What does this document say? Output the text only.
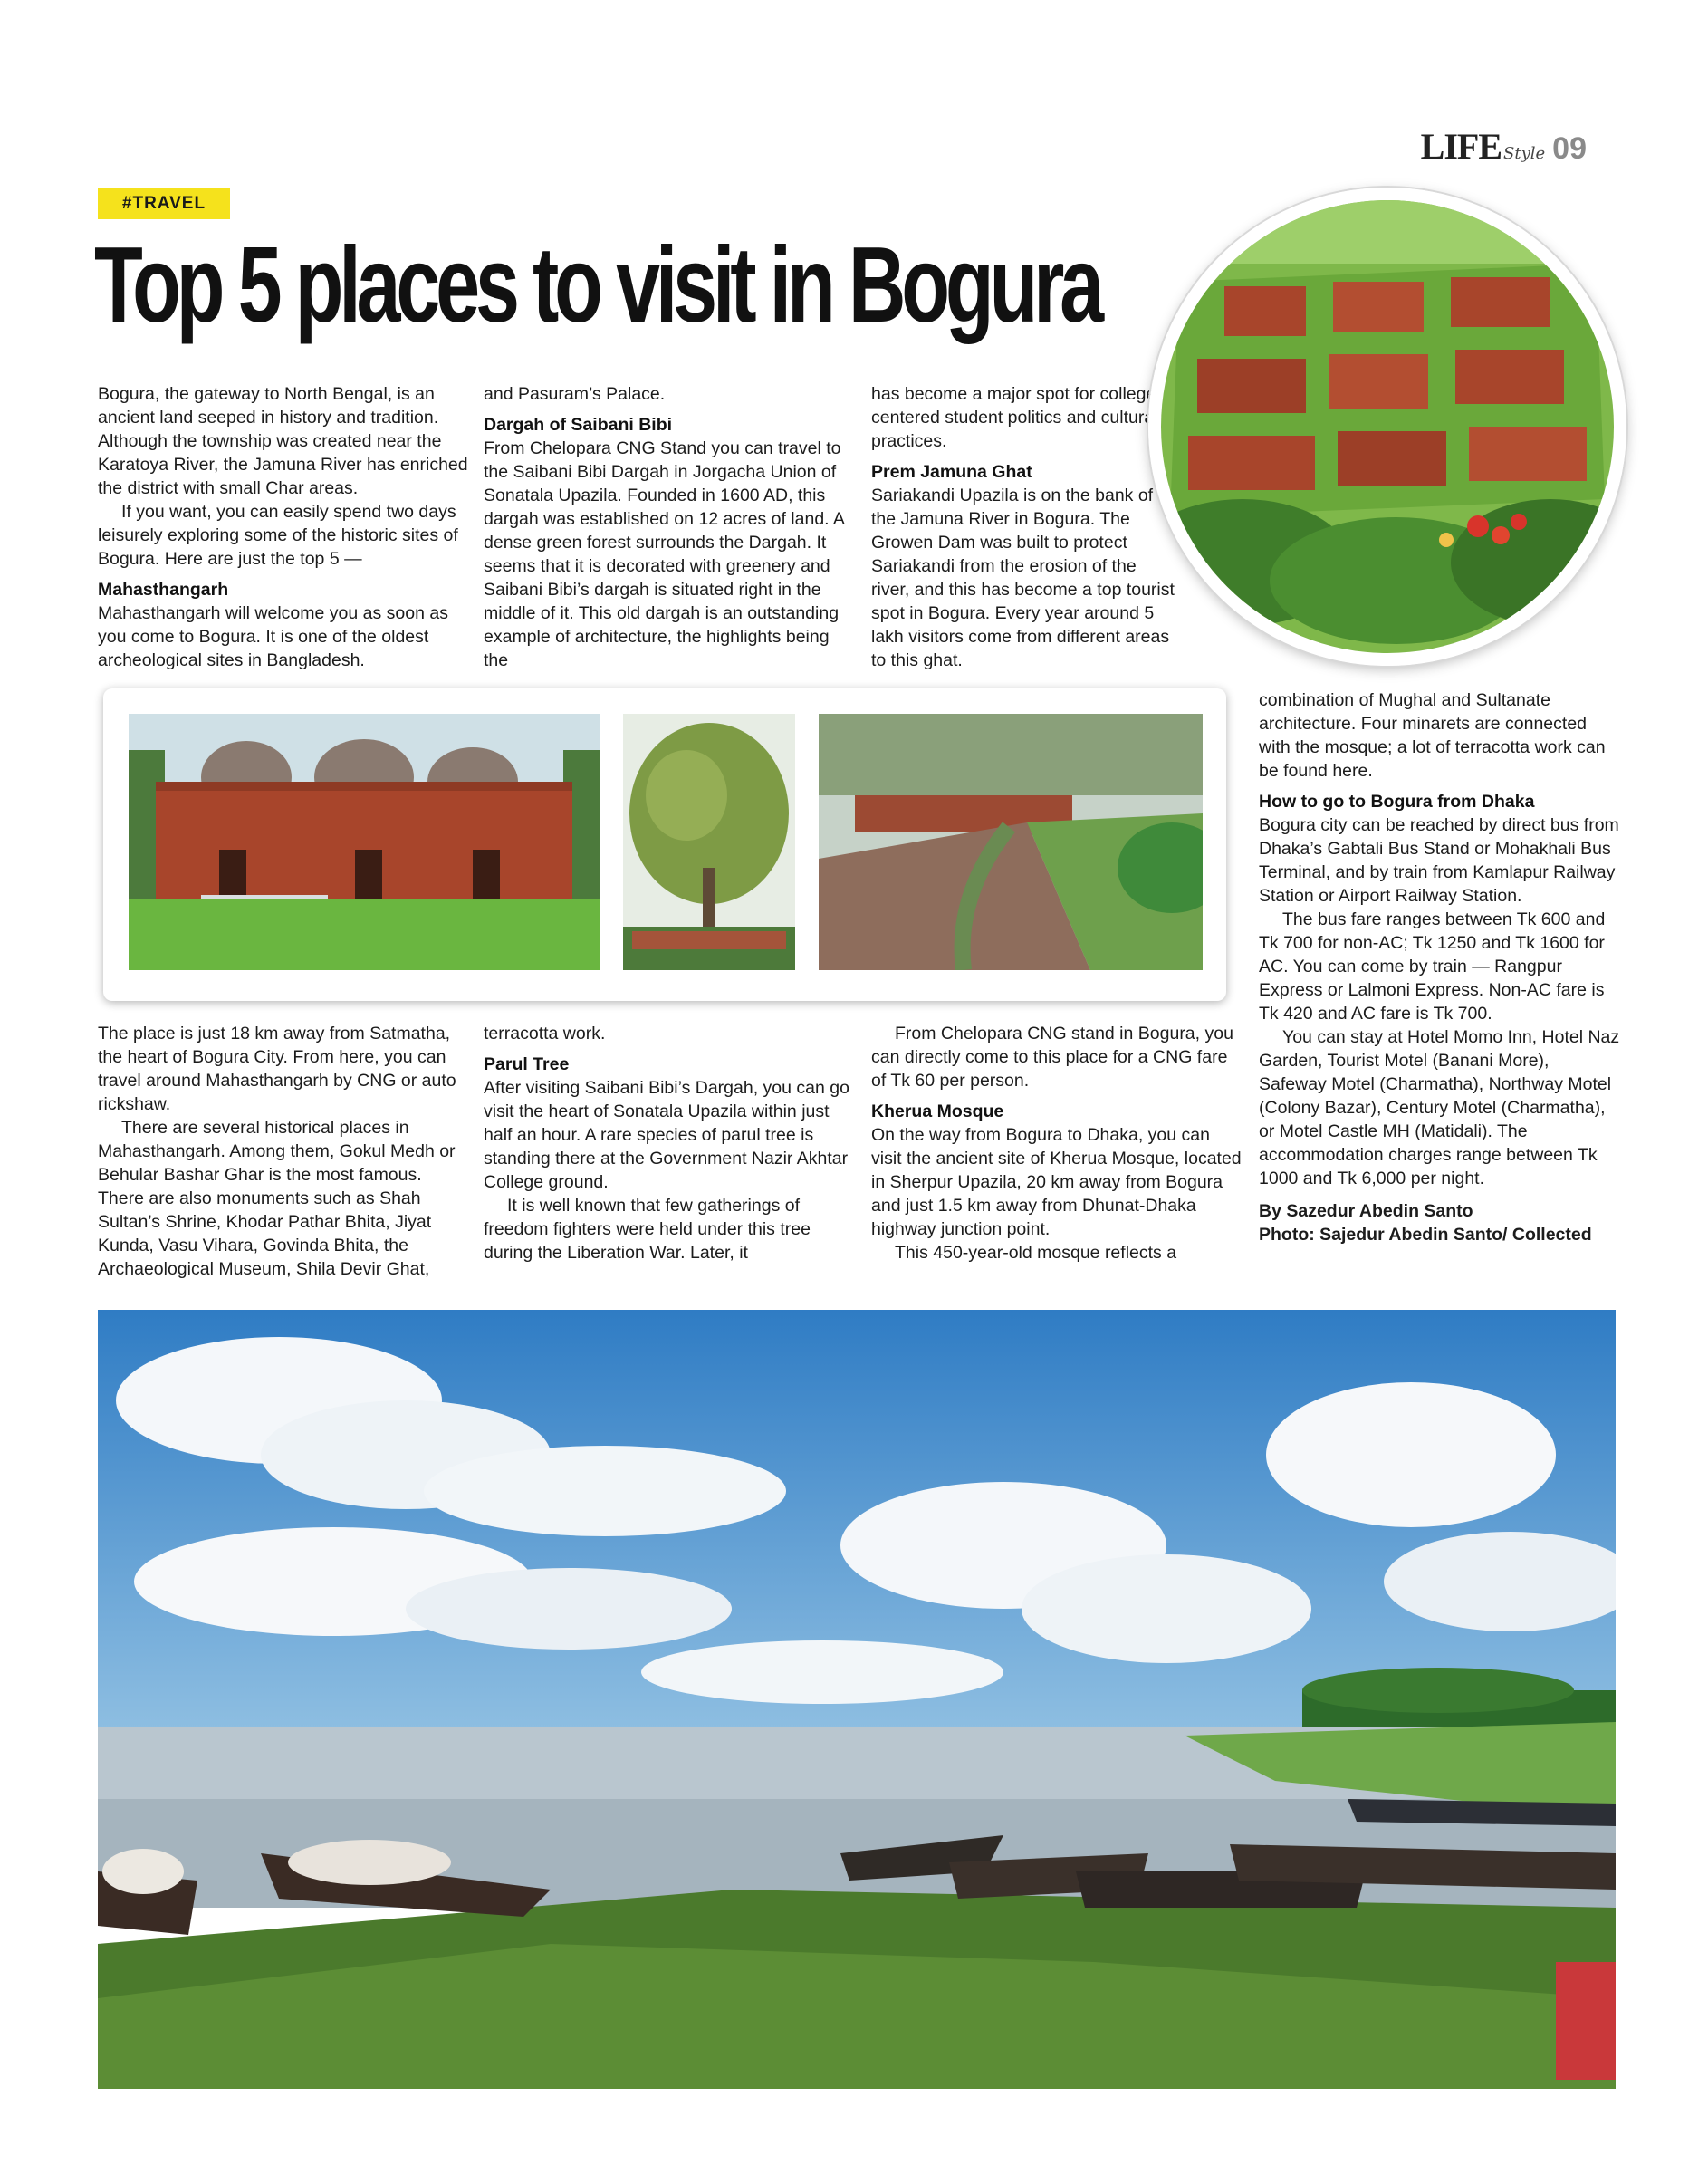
LIFE Style 09
#TRAVEL
Top 5 places to visit in Bogura

Bogura, the gateway to North Bengal, is an ancient land seeped in history and tradition. Although the township was created near the Karatoya River, the Jamuna River has enriched the district with small Char areas.

If you want, you can easily spend two days leisurely exploring some of the historic sites of Bogura. Here are just the top 5 —

Mahasthangarh

Mahasthangarh will welcome you as soon as you come to Bogura. It is one of the oldest archeological sites in Bangladesh.

and Pasuram’s Palace.

Dargah of Saibani Bibi

From Chelopara CNG Stand you can travel to the Saibani Bibi Dargah in Jorgacha Union of Sonatala Upazila. Founded in 1600 AD, this dargah was established on 12 acres of land. A dense green forest surrounds the Dargah. It seems that it is decorated with greenery and Saibani Bibi’s dargah is situated right in the middle of it. This old dargah is an outstanding example of architecture, the highlights being the

has become a major spot for college-centered student politics and cultural practices.

Prem Jamuna Ghat

Sariakandi Upazila is on the bank of the Jamuna River in Bogura. The Growen Dam was built to protect Sariakandi from the erosion of the river, and this has become a top tourist spot in Bogura. Every year around 5 lakh visitors come from different areas to this ghat.

combination of Mughal and Sultanate architecture. Four minarets are connected with the mosque; a lot of terracotta work can be found here.

How to go to Bogura from Dhaka

Bogura city can be reached by direct bus from Dhaka’s Gabtali Bus Stand or Mohakhali Bus Terminal, and by train from Kamlapur Railway Station or Airport Railway Station.

The bus fare ranges between Tk 600 and Tk 700 for non-AC; Tk 1250 and Tk 1600 for AC. You can come by train — Rangpur Express or Lalmoni Express. Non-AC fare is Tk 420 and AC fare is Tk 700.

You can stay at Hotel Momo Inn, Hotel Naz Garden, Tourist Motel (Banani More), Safeway Motel (Charmatha), Northway Motel (Colony Bazar), Century Motel (Charmatha), or Motel Castle MH (Matidali). The accommodation charges range between Tk 1000 and Tk 6,000 per night.

By Sazedur Abedin Santo

Photo: Sajedur Abedin Santo/ Collected

The place is just 18 km away from Satmatha, the heart of Bogura City. From here, you can travel around Mahasthangarh by CNG or auto rickshaw.

There are several historical places in Mahasthangarh. Among them, Gokul Medh or Behular Bashar Ghar is the most famous. There are also monuments such as Shah Sultan’s Shrine, Khodar Pathar Bhita, Jiyat Kunda, Vasu Vihara, Govinda Bhita, the Archaeological Museum, Shila Devir Ghat,

terracotta work.

Parul Tree

After visiting Saibani Bibi’s Dargah, you can go visit the heart of Sonatala Upazila within just half an hour. A rare species of parul tree is standing there at the Government Nazir Akhtar College ground.

It is well known that few gatherings of freedom fighters were held under this tree during the Liberation War. Later, it

From Chelopara CNG stand in Bogura, you can directly come to this place for a CNG fare of Tk 60 per person.

Kherua Mosque

On the way from Bogura to Dhaka, you can visit the ancient site of Kherua Mosque, located in Sherpur Upazila, 20 km away from Bogura and just 1.5 km away from Dhunat-Dhaka highway junction point.

This 450-year-old mosque reflects a
